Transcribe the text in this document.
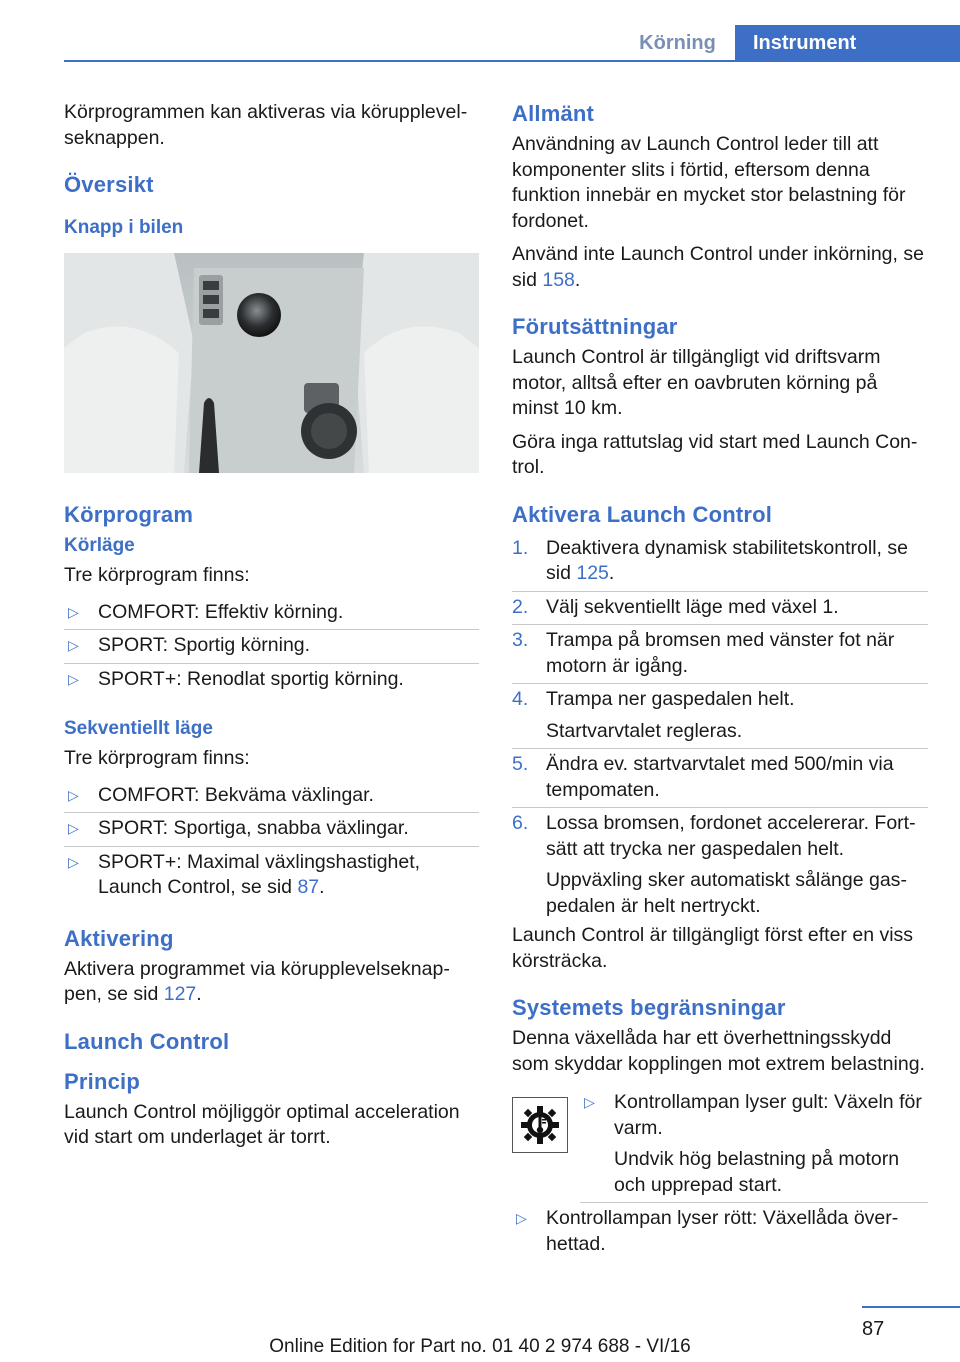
Körning	Instrument

Körprogrammen kan aktiveras via körupplevelseknappen.

Översikt
Knapp i bilen
Körprogram
Körläge

Tre körprogram finns:

▷ COMFORT: Effektiv körning.
▷ SPORT: Sportig körning.
▷ SPORT+: Renodlat sportig körning.
Sekventiellt läge

Tre körprogram finns:

▷ COMFORT: Bekväma växlingar.
▷ SPORT: Sportiga, snabba växlingar.
▷ SPORT+: Maximal växlingshastighet, Launch Control, se sid 87.
Aktivering

Aktivera programmet via körupplevelseknappen, se sid 127.

Launch Control
Princip

Launch Control möjliggör optimal acceleration vid start om underlaget är torrt.

Allmänt

Användning av Launch Control leder till att komponenter slits i förtid, eftersom denna funktion innebär en mycket stor belastning för fordonet.

Använd inte Launch Control under inkörning, se sid 158.

Förutsättningar

Launch Control är tillgängligt vid driftsvarm motor, alltså efter en oavbruten körning på minst 10 km.

Göra inga rattutslag vid start med Launch Control.

Aktivera Launch Control
1. Deaktivera dynamisk stabilitetskontroll, se sid 125.

2. Välj sekventiellt läge med växel 1.

3. Trampa på bromsen med vänster fot när motorn är igång.

4. Trampa ner gaspedalen helt.

Startvarvtalet regleras.

5. Ändra ev. startvarvtalet med 500/min via tempomaten.

6. Lossa bromsen, fordonet accelererar. Fortsätt att trycka ner gaspedalen helt.

Uppväxling sker automatiskt sålänge gaspedalen är helt nertryckt.

Launch Control är tillgängligt först efter en viss körsträcka.

Systemets begränsningar

Denna växellåda har ett överhettningsskydd som skyddar kopplingen mot extrem belastning.

▷ Kontrollampan lyser gult: Växeln för varm.

Undvik hög belastning på motorn och upprepad start.

▷ Kontrollampan lyser rött: Växellåda överhettad.
87
Online Edition for Part no. 01 40 2 974 688 - VI/16
